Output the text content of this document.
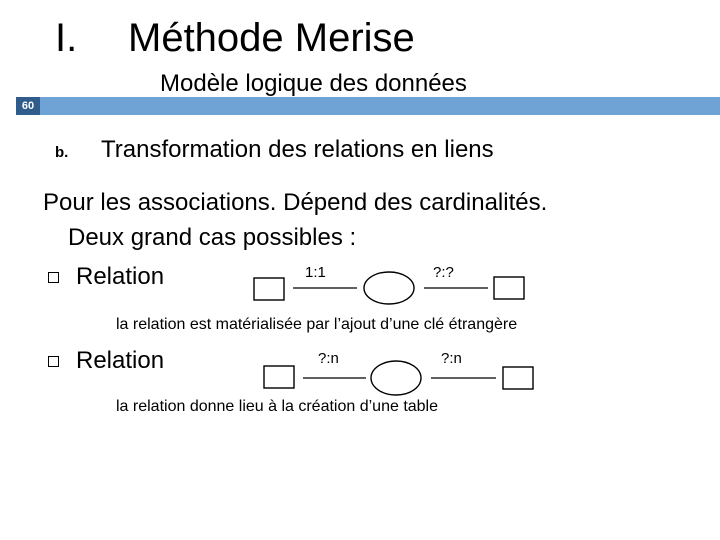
I. Méthode Merise
Modèle logique des données
60
b. Transformation des relations en liens
Pour les associations. Dépend des cardinalités.
Deux grand cas possibles :
Relation	1:1	?:?
la relation est matérialisée par l’ajout d’une clé étrangère
Relation	?:n	?:n
la relation donne lieu à la création d’une table
